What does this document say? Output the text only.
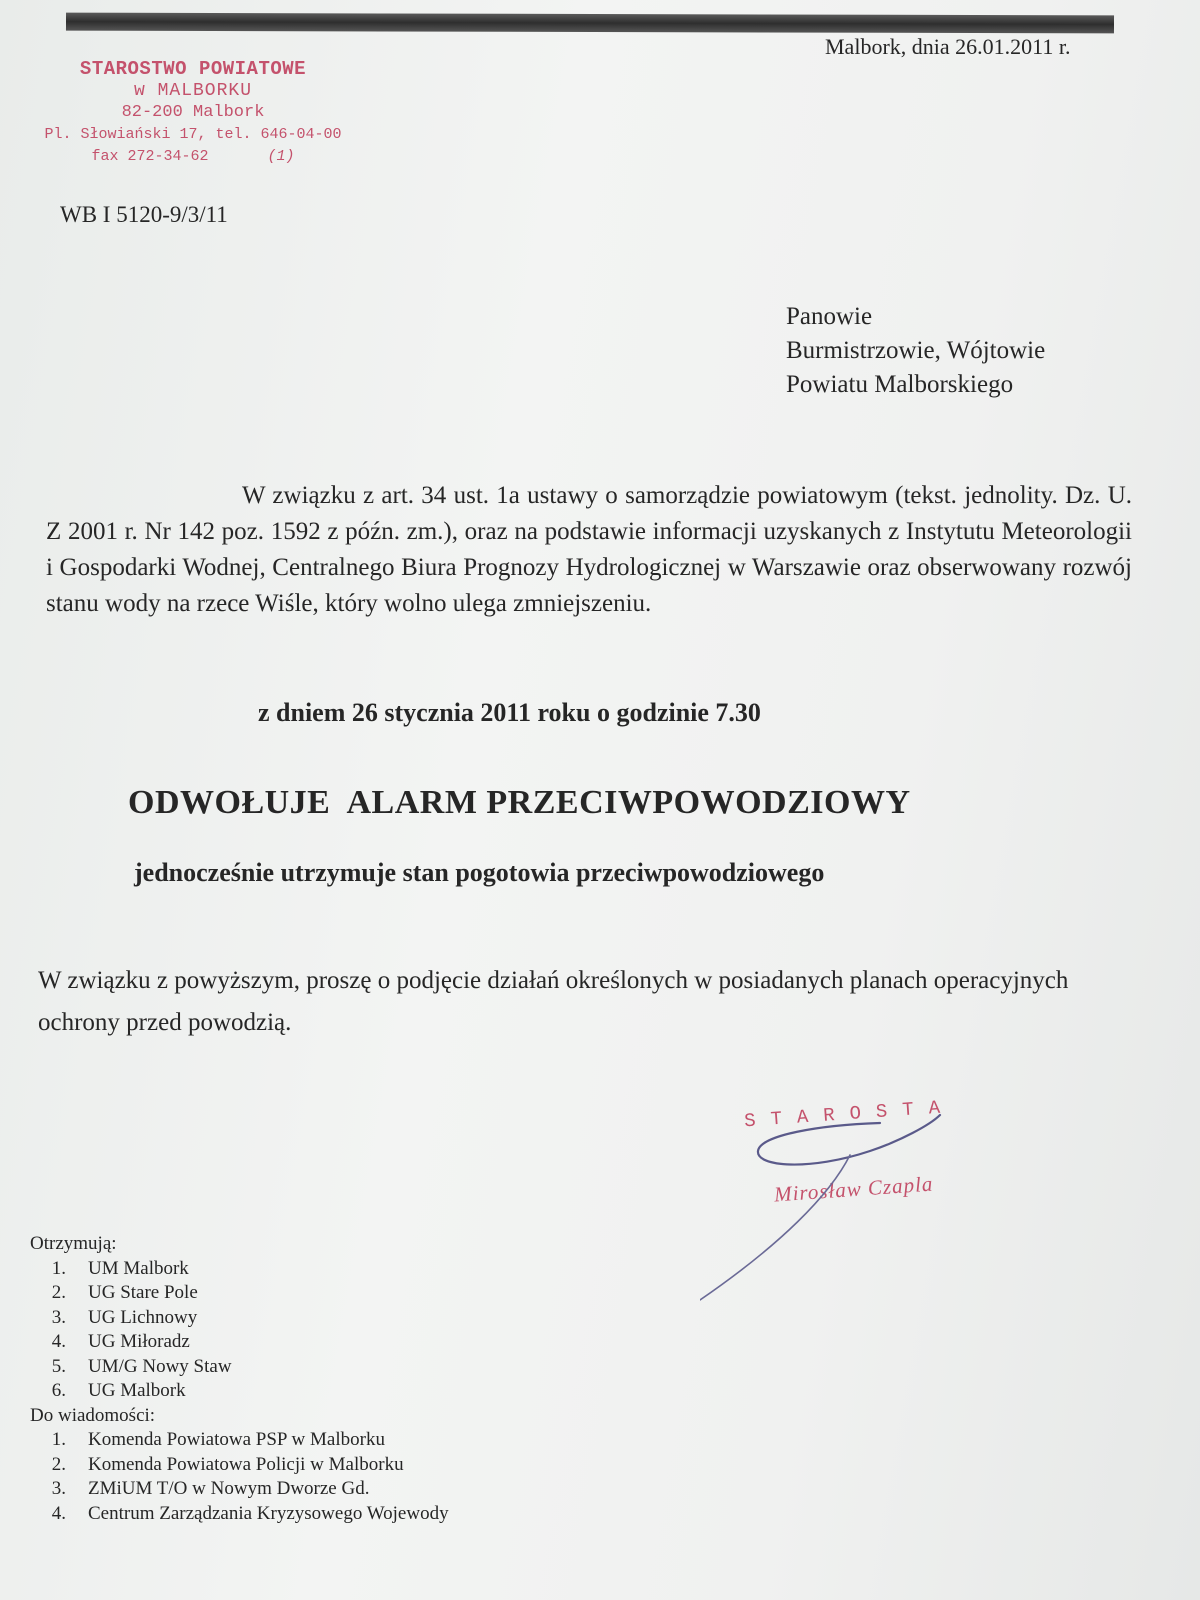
STAROSTWO POWIATOWE
w MALBORKU
82-200 Malbork
Pl. Słowiański 17, tel. 646-04-00
fax 272-34-62	(1)
Malbork, dnia 26.01.2011 r.
WB I 5120-9/3/11
Panowie
Burmistrzowie, Wójtowie
Powiatu Malborskiego
W związku z art. 34 ust. 1a ustawy o samorządzie powiatowym (tekst. jednolity. Dz. U. Z 2001 r. Nr 142 poz. 1592 z późn. zm.), oraz na podstawie informacji uzyskanych z Instytutu Meteorologii i Gospodarki Wodnej, Centralnego Biura Prognozy Hydrologicznej w Warszawie oraz obserwowany rozwój stanu wody na rzece Wiśle, który wolno ulega zmniejszeniu.
z dniem 26 stycznia 2011 roku o godzinie 7.30
ODWOŁUJE  ALARM PRZECIWPOWODZIOWY
jednocześnie utrzymuje stan pogotowia przeciwpowodziowego
W związku z powyższym, proszę o podjęcie działań określonych w posiadanych planach operacyjnych ochrony przed powodzią.
STAROSTA
Mirosław Czapla
Otrzymują:
1. UM Malbork
2. UG Stare Pole
3. UG Lichnowy
4. UG Miłoradz
5. UM/G Nowy Staw
6. UG Malbork
Do wiadomości:
1. Komenda Powiatowa PSP w Malborku
2. Komenda Powiatowa Policji w Malborku
3. ZMiUM T/O w Nowym Dworze Gd.
4. Centrum Zarządzania Kryzysowego Wojewody
